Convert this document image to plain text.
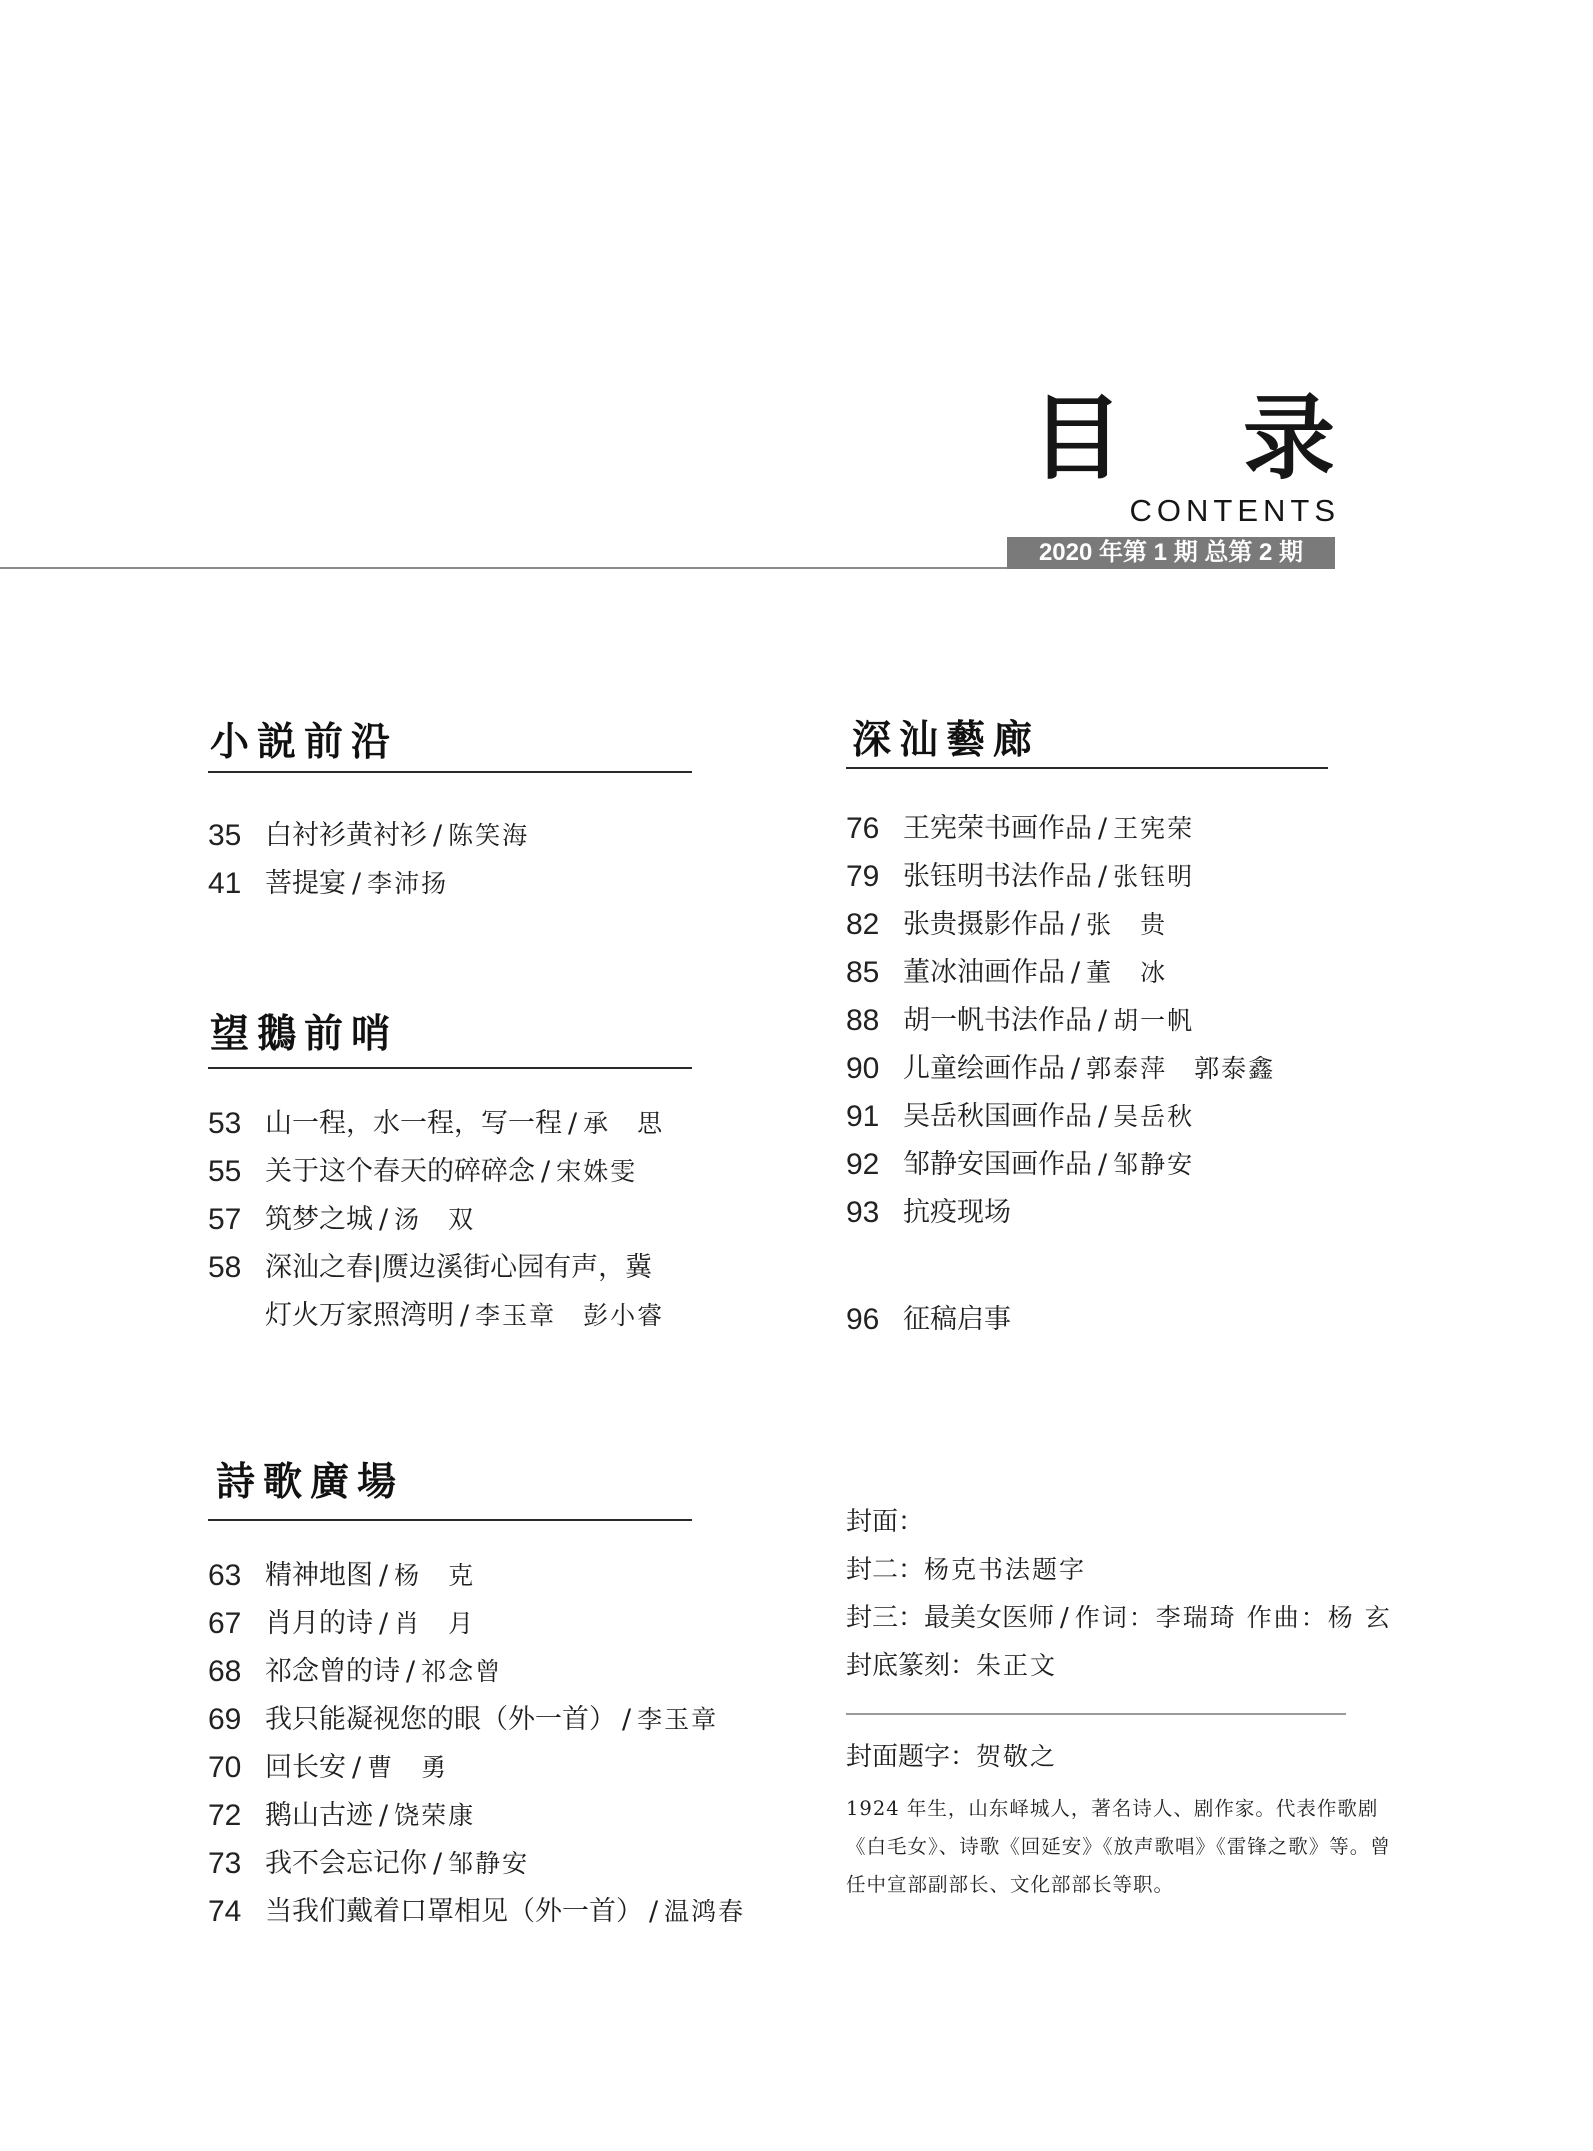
目 录
CONTENTS
2020 年第 1 期 总第 2 期
小説前沿
35 白衬衫黄衬衫 / 陈笑海
41 菩提宴 / 李沛扬
望鵝前哨
53 山一程，水一程，写一程 / 承　思
55 关于这个春天的碎碎念 / 宋姝雯
57 筑梦之城 / 汤　双
58 深汕之春|赝边溪街心园有声，冀
灯火万家照湾明 / 李玉章　彭小睿
詩歌廣場
63 精神地图 / 杨　克
67 肖月的诗 / 肖　月
68 祁念曾的诗 / 祁念曾
69 我只能凝视您的眼（外一首） / 李玉章
70 回长安 / 曹　勇
72 鹅山古迹 / 饶荣康
73 我不会忘记你 / 邹静安
74 当我们戴着口罩相见（外一首） / 温鸿春
深汕藝廊
76 王宪荣书画作品 / 王宪荣
79 张钰明书法作品 / 张钰明
82 张贵摄影作品 / 张　贵
85 董冰油画作品 / 董　冰
88 胡一帆书法作品 / 胡一帆
90 儿童绘画作品 / 郭泰萍　郭泰鑫
91 吴岳秋国画作品 / 吴岳秋
92 邹静安国画作品 / 邹静安
93 抗疫现场
96 征稿启事
封面：
封二：杨克书法题字
封三：最美女医师 / 作词：李瑞琦 作曲：杨 玄
封底篆刻：朱正文
封面题字：贺敬之
1924 年生，山东峄城人，著名诗人、剧作家。代表作歌剧《白毛女》、诗歌《回延安》《放声歌唱》《雷锋之歌》等。曾任中宣部副部长、文化部部长等职。
